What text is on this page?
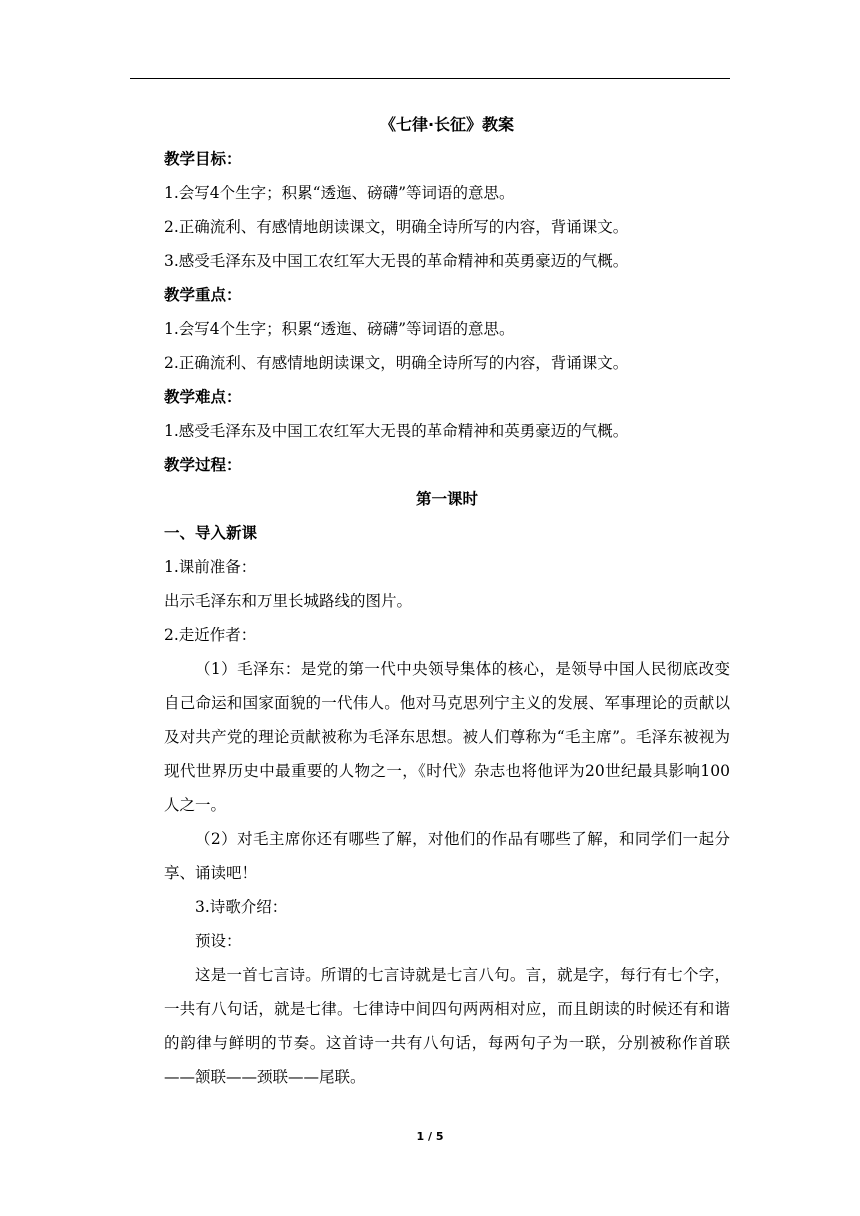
《七律·长征》教案
教学目标：
1.会写4个生字；积累“透迤、磅礴”等词语的意思。
2.正确流利、有感情地朗读课文，明确全诗所写的内容，背诵课文。
3.感受毛泽东及中国工农红军大无畏的革命精神和英勇豪迈的气概。
教学重点：
1.会写4个生字；积累“透迤、磅礴”等词语的意思。
2.正确流利、有感情地朗读课文，明确全诗所写的内容，背诵课文。
教学难点：
1.感受毛泽东及中国工农红军大无畏的革命精神和英勇豪迈的气概。
教学过程：
第一课时
一、导入新课
1.课前准备：
出示毛泽东和万里长城路线的图片。
2.走近作者：
（1）毛泽东：是党的第一代中央领导集体的核心，是领导中国人民彻底改变自己命运和国家面貌的一代伟人。他对马克思列宁主义的发展、军事理论的贡献以及对共产党的理论贡献被称为毛泽东思想。被人们尊称为“毛主席”。毛泽东被视为现代世界历史中最重要的人物之一，《时代》杂志也将他评为20世纪最具影响100人之一。
（2）对毛主席你还有哪些了解，对他们的作品有哪些了解，和同学们一起分享、诵读吧！
3.诗歌介绍：
预设：
这是一首七言诗。所谓的七言诗就是七言八句。言，就是字，每行有七个字，一共有八句话，就是七律。七律诗中间四句两两相对应，而且朗读的时候还有和谐的韵律与鲜明的节奏。这首诗一共有八句话，每两句子为一联，分别被称作首联——颔联——颈联——尾联。
1 / 5
